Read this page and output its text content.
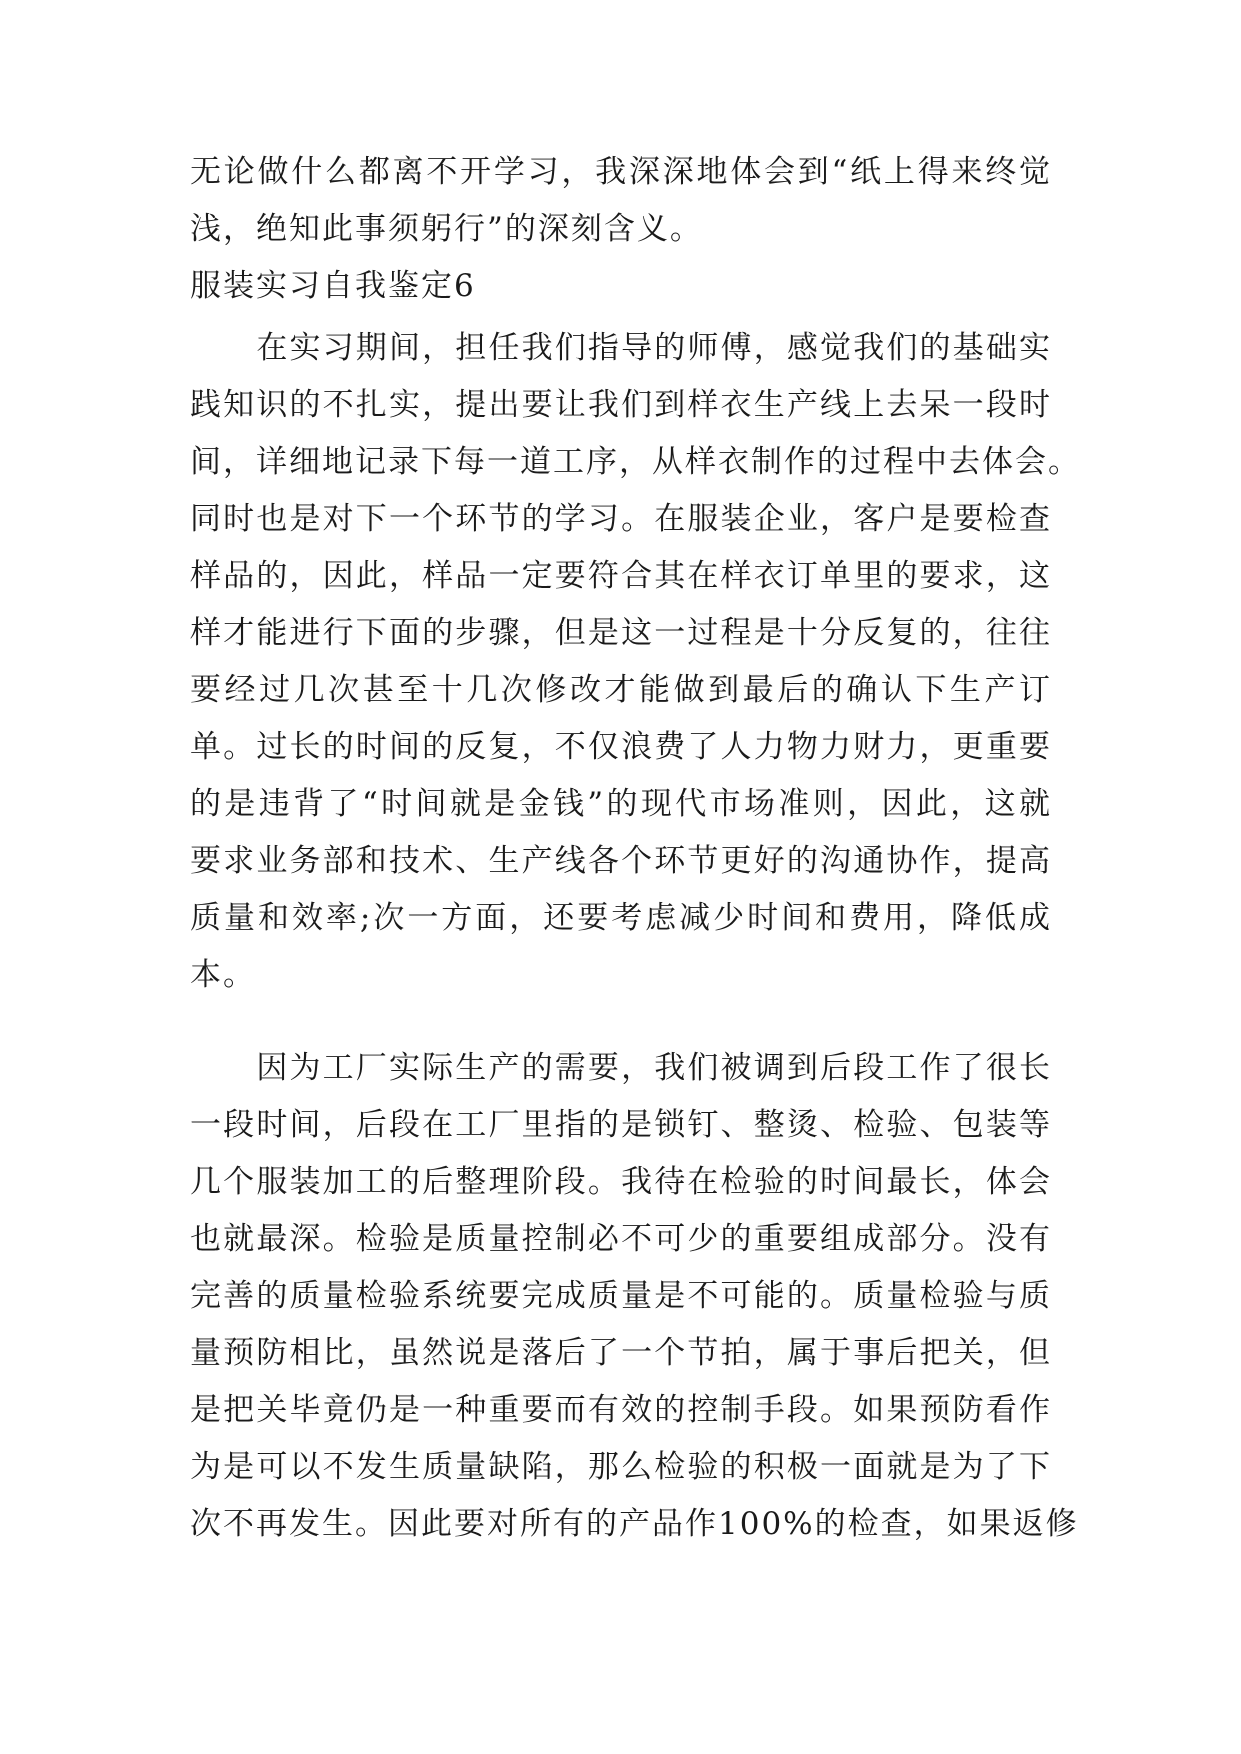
无论做什么都离不开学习，我深深地体会到“纸上得来终觉
浅，绝知此事须躬行”的深刻含义。
服装实习自我鉴定6
　　在实习期间，担任我们指导的师傅，感觉我们的基础实
践知识的不扎实，提出要让我们到样衣生产线上去呆一段时
间，详细地记录下每一道工序，从样衣制作的过程中去体会。
同时也是对下一个环节的学习。在服装企业，客户是要检查
样品的，因此，样品一定要符合其在样衣订单里的要求，这
样才能进行下面的步骤，但是这一过程是十分反复的，往往
要经过几次甚至十几次修改才能做到最后的确认下生产订
单。过长的时间的反复，不仅浪费了人力物力财力，更重要
的是违背了“时间就是金钱”的现代市场准则，因此，这就
要求业务部和技术、生产线各个环节更好的沟通协作，提高
质量和效率;次一方面，还要考虑减少时间和费用，降低成
本。
　　因为工厂实际生产的需要，我们被调到后段工作了很长
一段时间，后段在工厂里指的是锁钉、整烫、检验、包装等
几个服装加工的后整理阶段。我待在检验的时间最长，体会
也就最深。检验是质量控制必不可少的重要组成部分。没有
完善的质量检验系统要完成质量是不可能的。质量检验与质
量预防相比，虽然说是落后了一个节拍，属于事后把关，但
是把关毕竟仍是一种重要而有效的控制手段。如果预防看作
为是可以不发生质量缺陷，那么检验的积极一面就是为了下
次不再发生。因此要对所有的产品作100%的检查，如果返修
